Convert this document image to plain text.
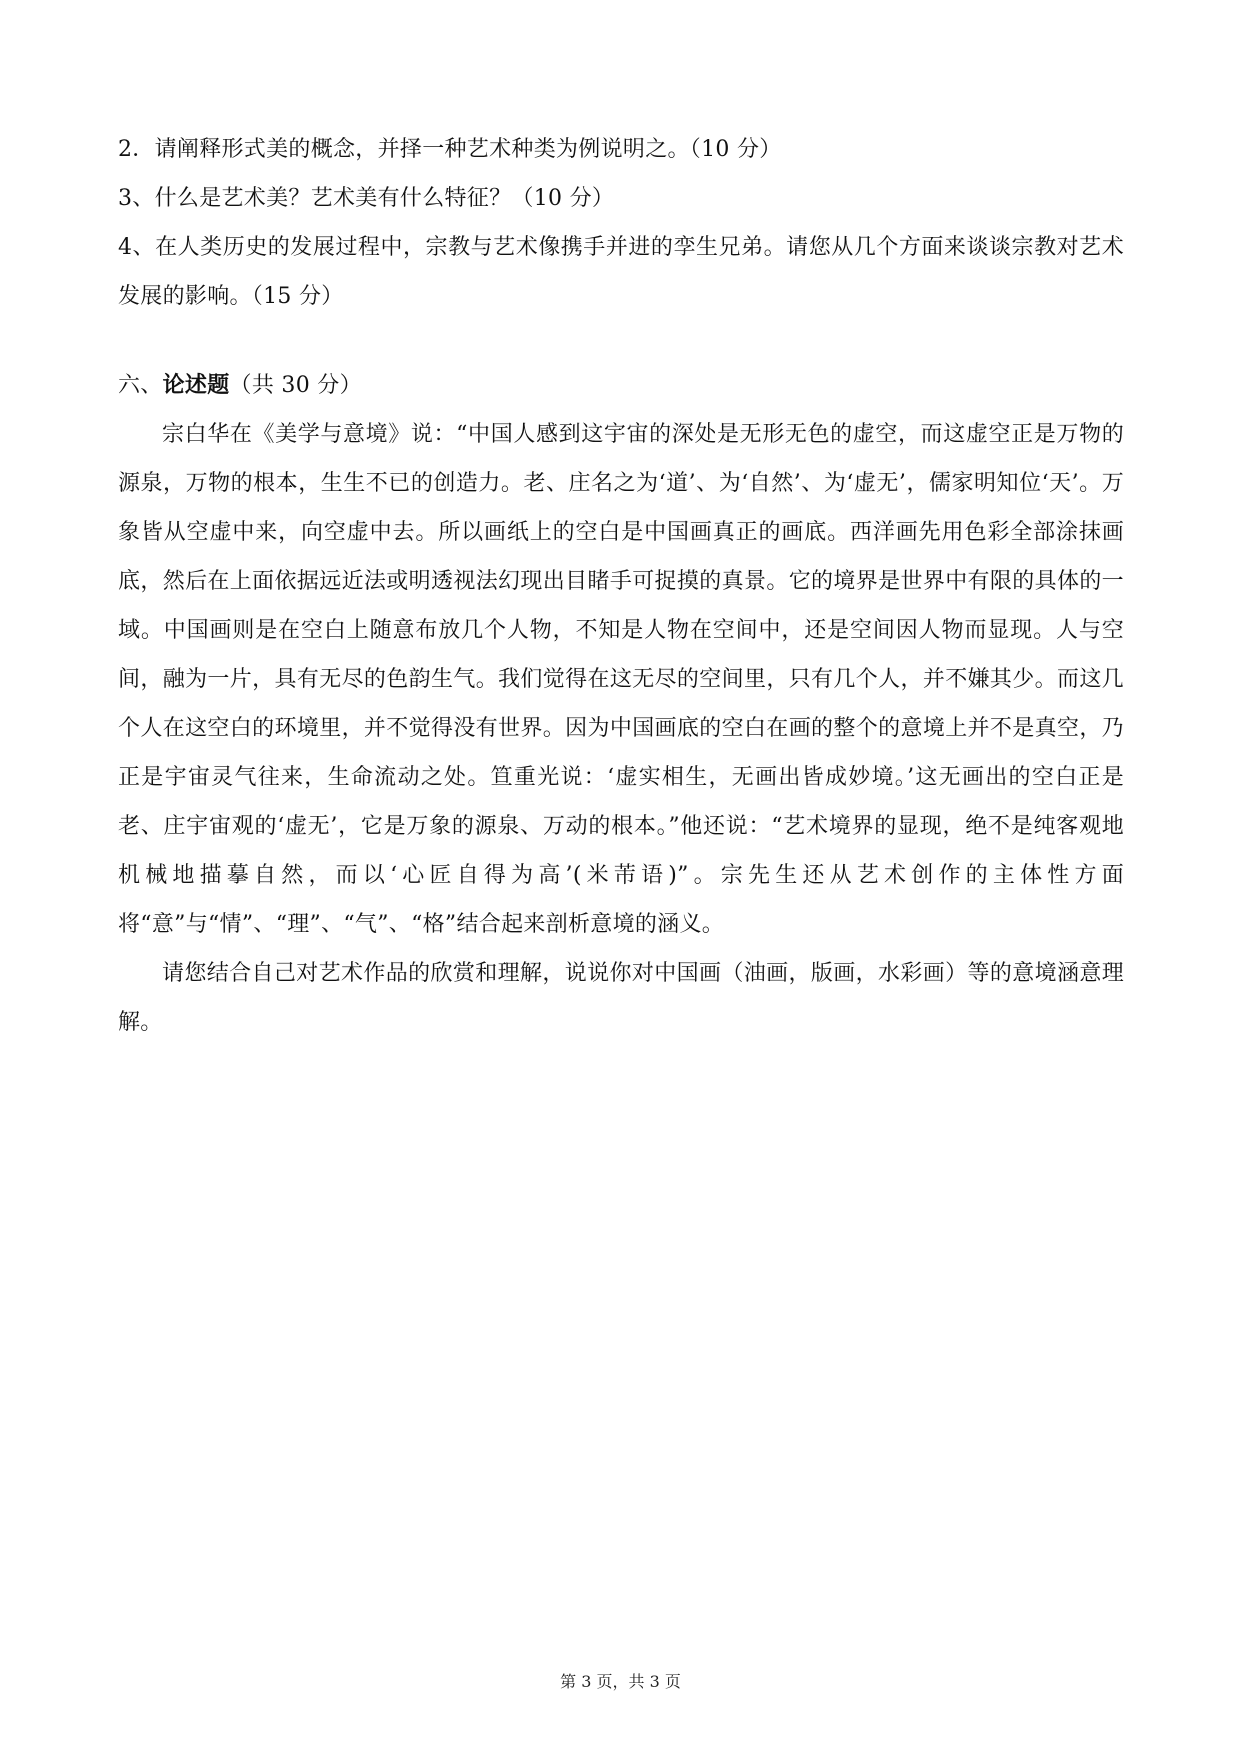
2．请阐释形式美的概念，并择一种艺术种类为例说明之。（10 分）

3、什么是艺术美？艺术美有什么特征？（10 分）

4、在人类历史的发展过程中，宗教与艺术像携手并进的孪生兄弟。请您从几个方面来谈谈宗教对艺术发展的影响。（15 分）

六、论述题（共 30 分）

宗白华在《美学与意境》说：“中国人感到这宇宙的深处是无形无色的虚空，而这虚空正是万物的源泉，万物的根本，生生不已的创造力。老、庄名之为‘道’、为‘自然’、为‘虚无’，儒家明知位‘天’。万象皆从空虚中来，向空虚中去。所以画纸上的空白是中国画真正的画底。西洋画先用色彩全部涂抹画底，然后在上面依据远近法或明透视法幻现出目睹手可捉摸的真景。它的境界是世界中有限的具体的一域。中国画则是在空白上随意布放几个人物，不知是人物在空间中，还是空间因人物而显现。人与空间，融为一片，具有无尽的色韵生气。我们觉得在这无尽的空间里，只有几个人，并不嫌其少。而这几个人在这空白的环境里，并不觉得没有世界。因为中国画底的空白在画的整个的意境上并不是真空，乃正是宇宙灵气往来，生命流动之处。笪重光说：‘虚实相生，无画出皆成妙境。’这无画出的空白正是老、庄宇宙观的‘虚无’，它是万象的源泉、万动的根本。”他还说：“艺术境界的显现，绝不是纯客观地机械地描摹自然，而以‘心匠自得为高’(米芾语)”。宗先生还从艺术创作的主体性方面将“意”与“情”、“理”、“气”、“格”结合起来剖析意境的涵义。

请您结合自己对艺术作品的欣赏和理解，说说你对中国画（油画，版画，水彩画）等的意境涵意理解。

第 3 页，共 3 页
